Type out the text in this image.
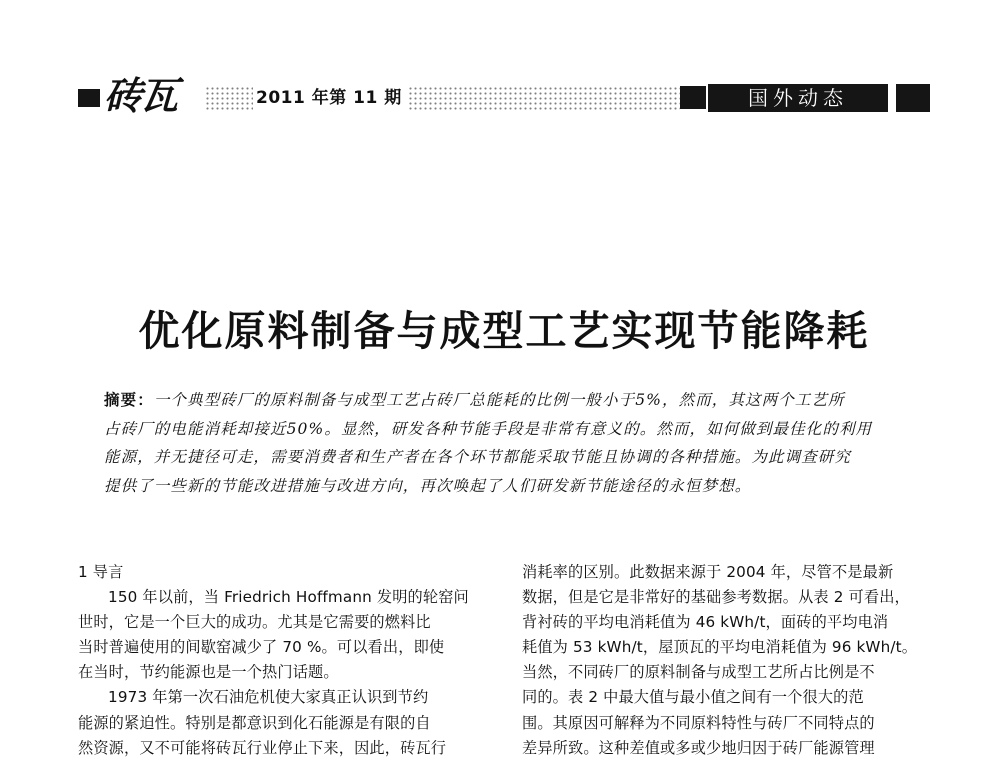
砖瓦	2011 年第 11 期	国外动态
优化原料制备与成型工艺实现节能降耗
摘要：一个典型砖厂的原料制备与成型工艺占砖厂总能耗的比例一般小于5%，然而，其这两个工艺所
占砖厂的电能消耗却接近50%。显然，研发各种节能手段是非常有意义的。然而，如何做到最佳化的利用
能源，并无捷径可走，需要消费者和生产者在各个环节都能采取节能且协调的各种措施。为此调查研究
提供了一些新的节能改进措施与改进方向，再次唤起了人们研发新节能途径的永恒梦想。
1 导言
150 年以前，当 Friedrich Hoffmann 发明的轮窑问
世时，它是一个巨大的成功。尤其是它需要的燃料比
当时普遍使用的间歇窑减少了 70 %。可以看出，即使
在当时，节约能源也是一个热门话题。
1973 年第一次石油危机使大家真正认识到节约
能源的紧迫性。特别是都意识到化石能源是有限的自
然资源，又不可能将砖瓦行业停止下来，因此，砖瓦行
消耗率的区别。此数据来源于 2004 年，尽管不是最新
数据，但是它是非常好的基础参考数据。从表 2 可看出，
背衬砖的平均电消耗值为 46 kWh/t，面砖的平均电消
耗值为 53 kWh/t，屋顶瓦的平均电消耗值为 96 kWh/t。
当然，不同砖厂的原料制备与成型工艺所占比例是不
同的。表 2 中最大值与最小值之间有一个很大的范
围。其原因可解释为不同原料特性与砖厂不同特点的
差异所致。这种差值或多或少地归因于砖厂能源管理
